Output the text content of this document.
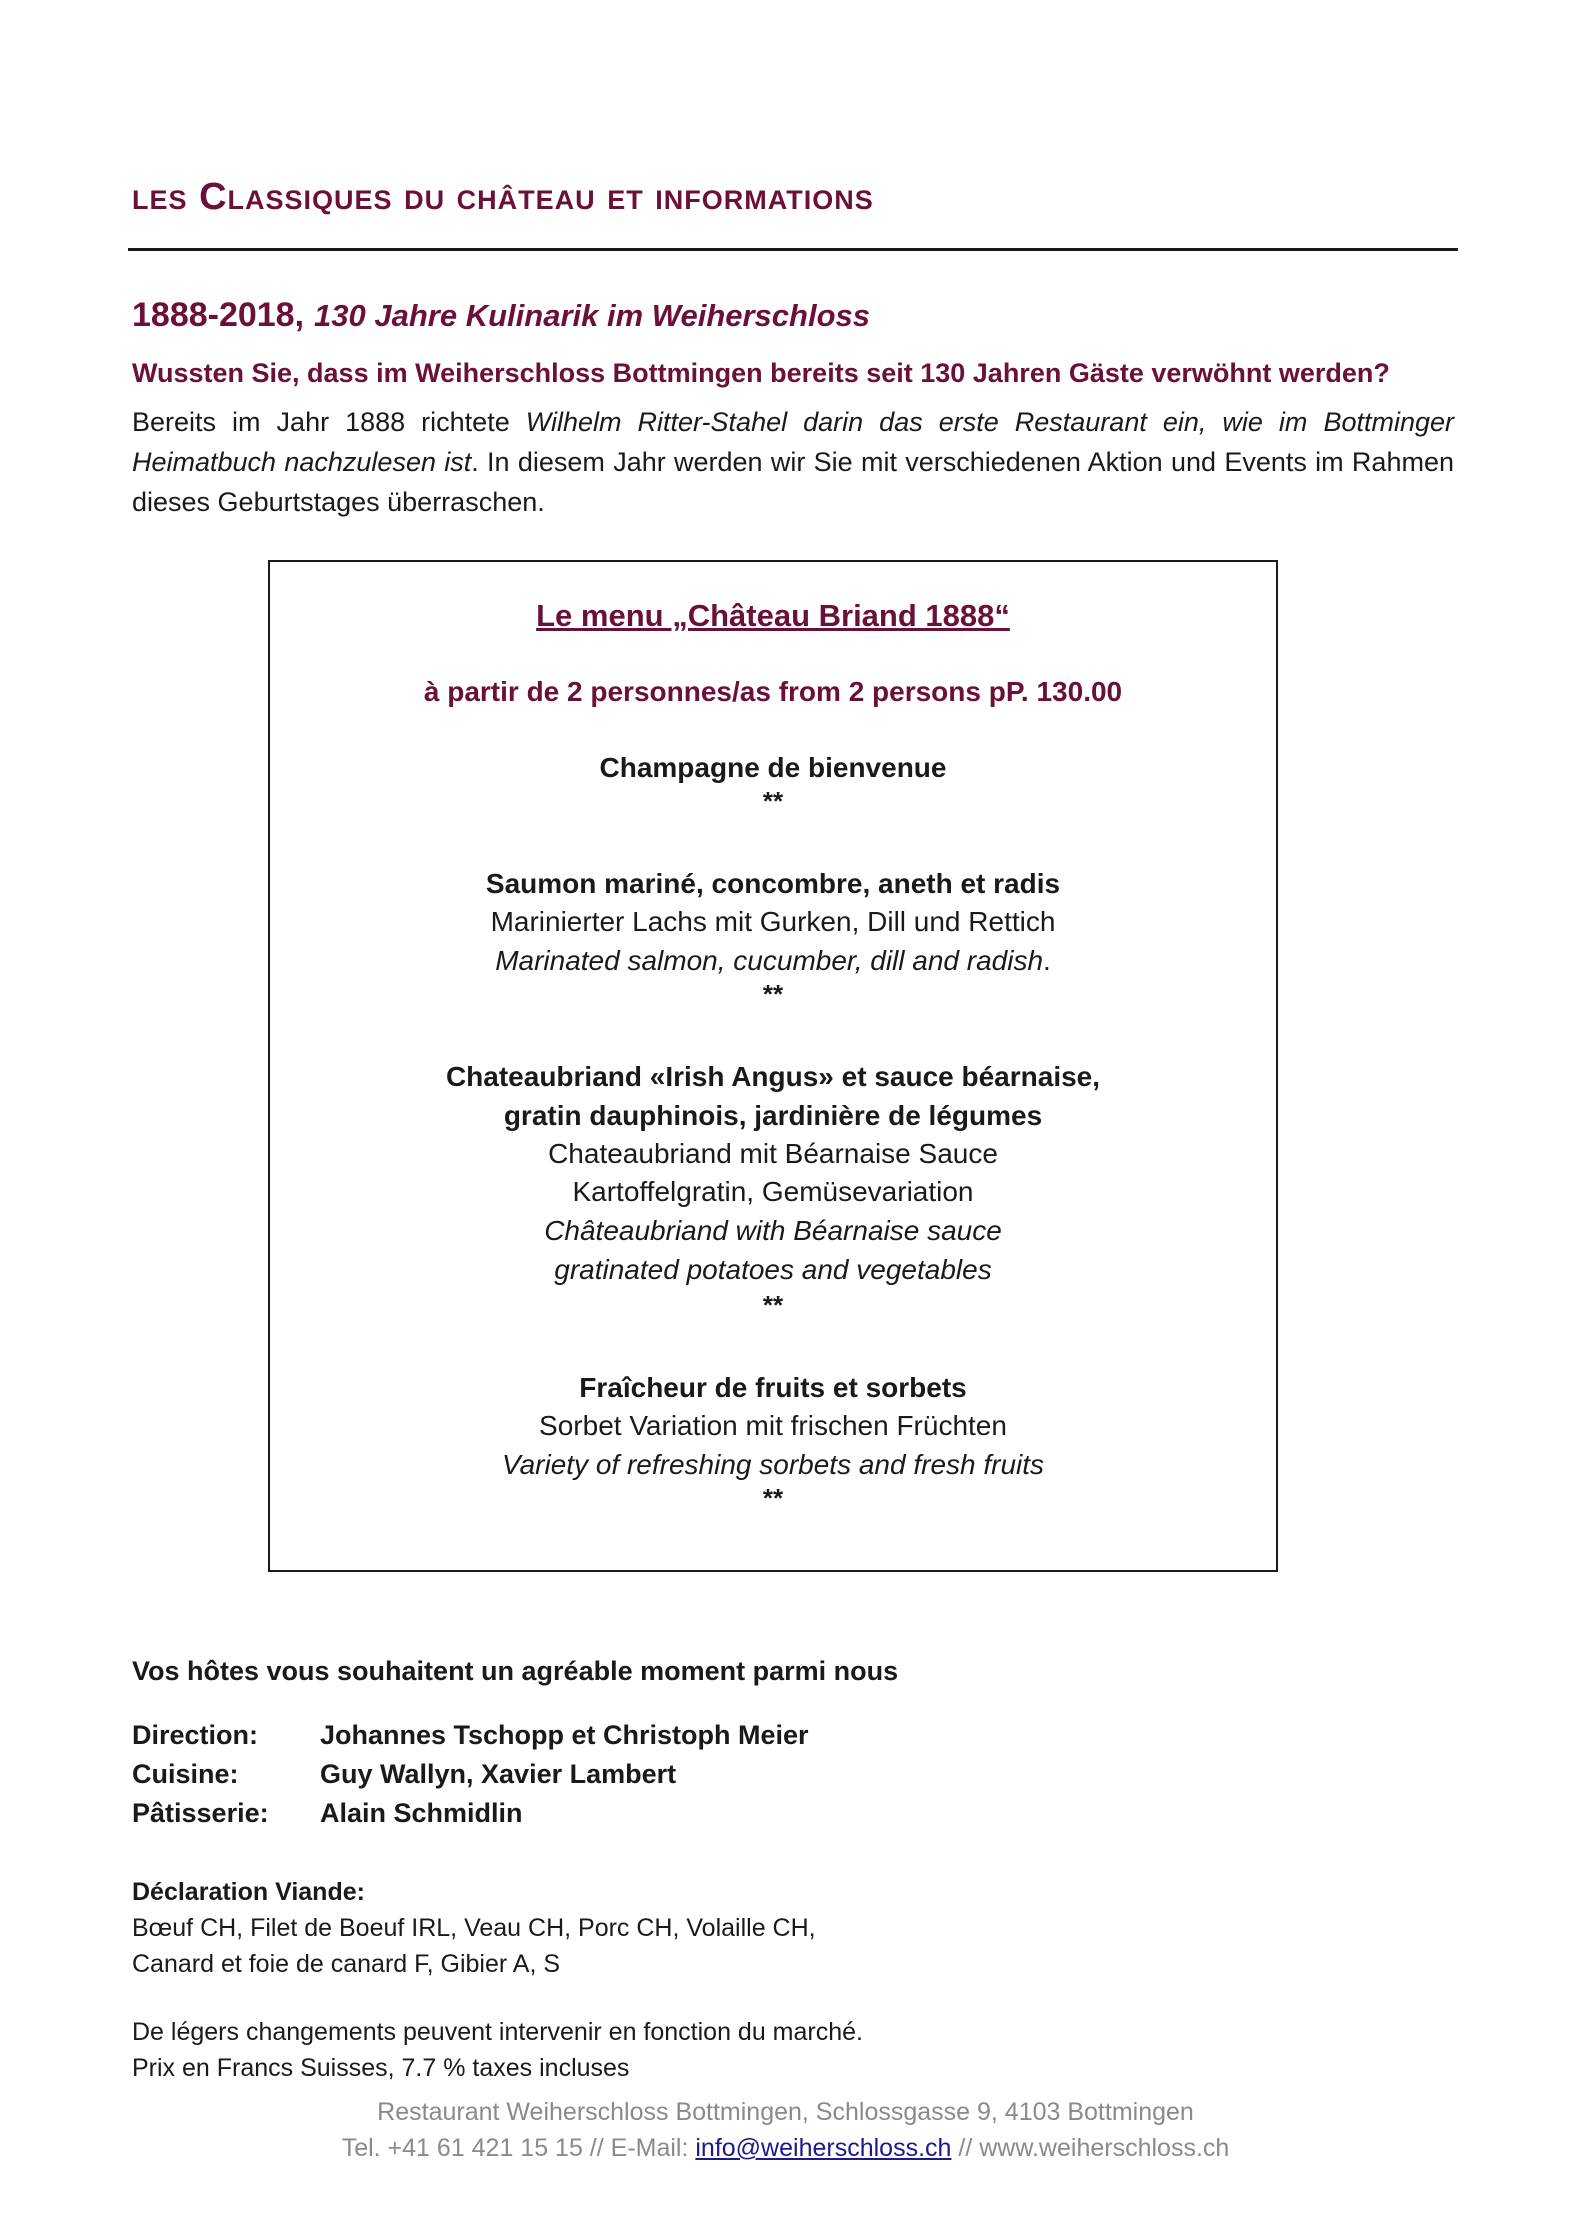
les Classiques du château et informations
1888-2018, 130 Jahre Kulinarik im Weiherschloss
Wussten Sie, dass im Weiherschloss Bottmingen bereits seit 130 Jahren Gäste verwöhnt werden?
Bereits im Jahr 1888 richtete Wilhelm Ritter-Stahel darin das erste Restaurant ein, wie im Bottminger Heimatbuch nachzulesen ist. In diesem Jahr werden wir Sie mit verschiedenen Aktion und Events im Rahmen dieses Geburtstages überraschen.
Le menu „Château Briand 1888“
à partir de 2 personnes/as from 2 persons pP. 130.00
Champagne de bienvenue
**
Saumon mariné, concombre, aneth et radis
Marinierter Lachs mit Gurken, Dill und Rettich
Marinated salmon, cucumber, dill and radish.
**
Chateaubriand «Irish Angus» et sauce béarnaise,
gratin dauphinois, jardinière de légumes
Chateaubriand mit Béarnaise Sauce
Kartoffelgratin, Gemüsevariation
Châteaubriand with Béarnaise sauce
gratinated potatoes and vegetables
**
Fraîcheur de fruits et sorbets
Sorbet Variation mit frischen Früchten
Variety of refreshing sorbets and fresh fruits
**
Vos hôtes vous souhaitent un agréable moment parmi nous
Direction: Johannes Tschopp et Christoph Meier
Cuisine:	Guy Wallyn, Xavier Lambert
Pâtisserie: Alain Schmidlin
Déclaration Viande:
Bœuf CH, Filet de Boeuf IRL, Veau CH, Porc CH, Volaille CH,
Canard et foie de canard F, Gibier A, S
De légers changements peuvent intervenir en fonction du marché.
Prix en Francs Suisses, 7.7 % taxes incluses
Restaurant Weiherschloss Bottmingen, Schlossgasse 9, 4103 Bottmingen
Tel. +41 61 421 15 15 // E-Mail: info@weiherschloss.ch // www.weiherschloss.ch
